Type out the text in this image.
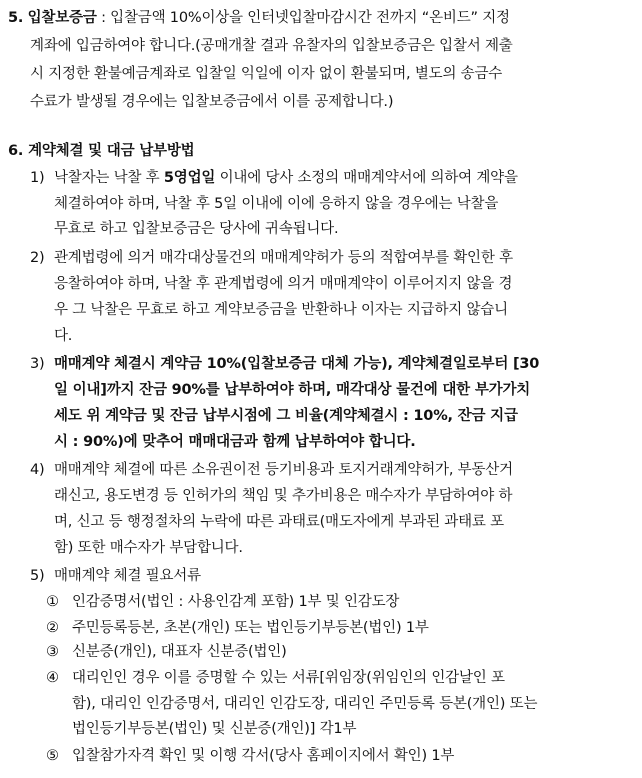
5. 입찰보증금 : 입찰금액 10%이상을 인터넷입찰마감시간 전까지 “온비드” 지정
계좌에 입금하여야 합니다.(공매개찰 결과 유찰자의 입찰보증금은 입찰서 제출
시 지정한 환불예금계좌로 입찰일 익일에 이자 없이 환불되며, 별도의 송금수
수료가 발생될 경우에는 입찰보증금에서 이를 공제합니다.)
6. 계약체결 및 대금 납부방법
1) 낙찰자는 낙찰 후 5영업일 이내에 당사 소정의 매매계약서에 의하여 계약을
체결하여야 하며, 낙찰 후 5일 이내에 이에 응하지 않을 경우에는 낙찰을
무효로 하고 입찰보증금은 당사에 귀속됩니다.
2) 관계법령에 의거 매각대상물건의 매매계약허가 등의 적합여부를 확인한 후
응찰하여야 하며, 낙찰 후 관계법령에 의거 매매계약이 이루어지지 않을 경
우 그 낙찰은 무효로 하고 계약보증금을 반환하나 이자는 지급하지 않습니
다.
3) 매매계약 체결시 계약금 10%(입찰보증금 대체 가능), 계약체결일로부터 [30
일 이내]까지 잔금 90%를 납부하여야 하며, 매각대상 물건에 대한 부가가치
세도 위 계약금 및 잔금 납부시점에 그 비율(계약체결시 : 10%, 잔금 지급
시 : 90%)에 맞추어 매매대금과 함께 납부하여야 합니다.
4) 매매계약 체결에 따른 소유권이전 등기비용과 토지거래계약허가, 부동산거
래신고, 용도변경 등 인허가의 책임 및 추가비용은 매수자가 부담하여야 하
며, 신고 등 행정절차의 누락에 따른 과태료(매도자에게 부과된 과태료 포
함) 또한 매수자가 부담합니다.
5) 매매계약 체결 필요서류
① 인감증명서(법인 : 사용인감계 포함) 1부 및 인감도장
② 주민등록등본, 초본(개인) 또는 법인등기부등본(법인) 1부
③ 신분증(개인), 대표자 신분증(법인)
④ 대리인인 경우 이를 증명할 수 있는 서류[위임장(위임인의 인감날인 포
함), 대리인 인감증명서, 대리인 인감도장, 대리인 주민등록 등본(개인) 또는
법인등기부등본(법인) 및 신분증(개인)] 각1부
⑤ 입찰참가자격 확인 및 이행 각서(당사 홈페이지에서 확인) 1부
